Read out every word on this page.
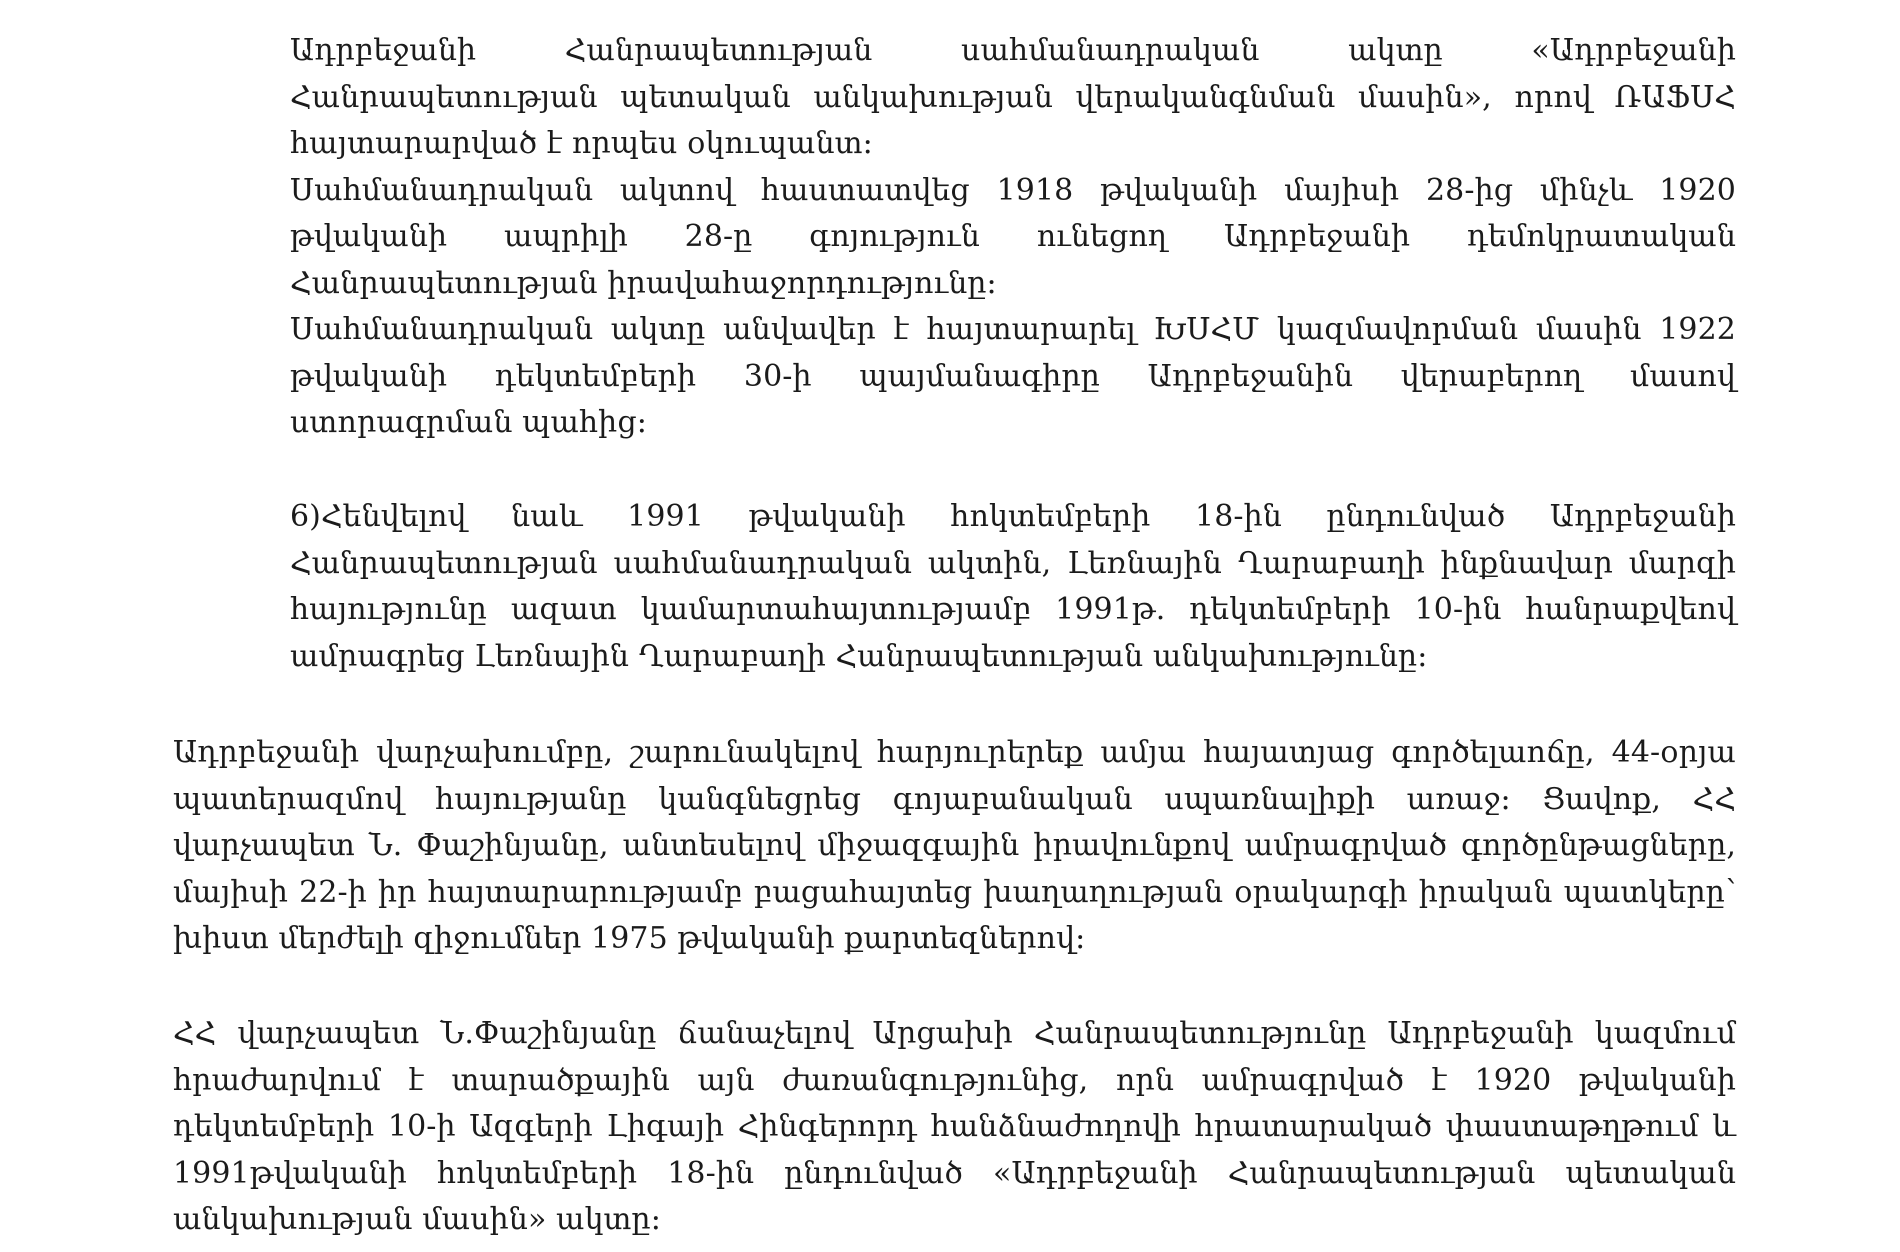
Ադրբեջանի Հանրապետության սահմանադրական ակտը «Ադրբեջանի Հանրապետության պետական անկախության վերականգնման մասին», որով ՌԱՖՍՀ հայտարարված է որպես օկուպանտ։

Սահմանադրական ակտով հաստատվեց 1918 թվականի մայիսի 28-ից մինչև 1920 թվականի ապրիլի 28-ը գոյություն ունեցող Ադրբեջանի դեմոկրատական Հանրապետության իրավահաջորդությունը։

Սահմանադրական ակտը անվավեր է հայտարարել ԽՍՀՄ կազմավորման մասին 1922 թվականի դեկտեմբերի 30-ի պայմանագիրը Ադրբեջանին վերաբերող մասով ստորագրման պահից։

6)Հենվելով նաև 1991 թվականի հոկտեմբերի 18-ին ընդունված Ադրբեջանի Հանրապետության սահմանադրական ակտին, Լեռնային Ղարաբաղի ինքնավար մարզի հայությունը ազատ կամարտահայտությամբ 1991թ. դեկտեմբերի 10-ին հանրաքվեով ամրագրեց Լեռնային Ղարաբաղի Հանրապետության անկախությունը։

Ադրբեջանի վարչախումբը, շարունակելով հարյուրերեք ամյա հայատյաց գործելաոճը, 44-օրյա պատերազմով հայությանը կանգնեցրեց գոյաբանական սպառնալիքի առաջ։ Ցավոք, ՀՀ վարչապետ Ն. Փաշինյանը, անտեսելով միջազգային իրավունքով ամրագրված գործընթացները, մայիսի 22-ի իր հայտարարությամբ բացահայտեց խաղաղության օրակարգի իրական պատկերը՝ խիստ մերժելի զիջումներ 1975 թվականի քարտեզներով։

ՀՀ վարչապետ Ն.Փաշինյանը ճանաչելով Արցախի Հանրապետությունը Ադրբեջանի կազմում հրաժարվում է տարածքային այն ժառանգությունից, որն ամրագրված է 1920 թվականի դեկտեմբերի 10-ի Ազգերի Լիգայի Հինգերորդ հանձնաժողովի հրատարակած փաստաթղթում և 1991թվականի հոկտեմբերի 18-ին ընդունված «Ադրբեջանի Հանրապետության պետական անկախության մասին» ակտը։
